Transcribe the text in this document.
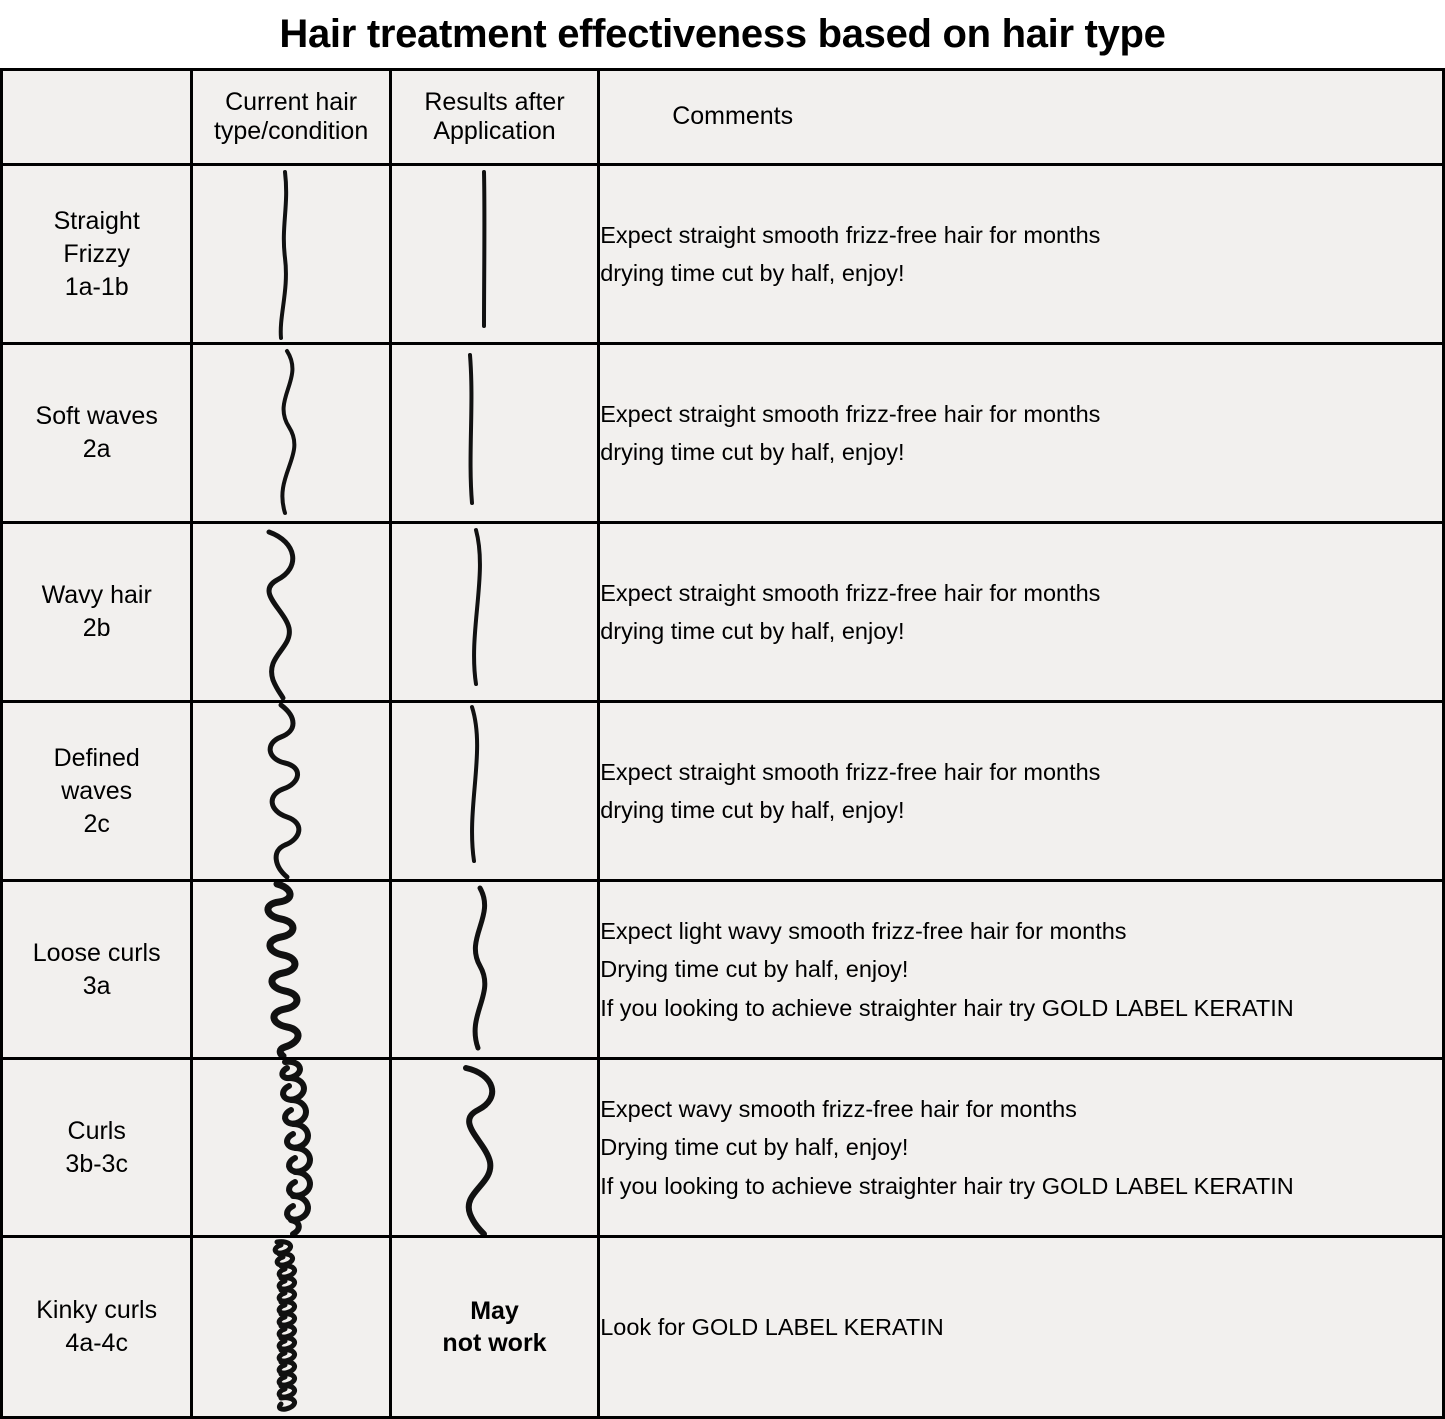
Hair treatment effectiveness based on hair type

	Current hair
type/condition	Results after
Application	Comments

Straight
Frizzy
1a-1b			Expect straight smooth frizz-free hair for months
drying time cut by half, enjoy!

Soft waves
2a			Expect straight smooth frizz-free hair for months
drying time cut by half, enjoy!

Wavy hair
2b			Expect straight smooth frizz-free hair for months
drying time cut by half, enjoy!

Defined
waves
2c			Expect straight smooth frizz-free hair for months
drying time cut by half, enjoy!

Loose curls
3a			Expect light wavy smooth frizz-free hair for months
Drying time cut by half, enjoy!
If you looking to achieve straighter hair try GOLD LABEL KERATIN

Curls
3b-3c			Expect wavy smooth frizz-free hair for months
Drying time cut by half, enjoy!
If you looking to achieve straighter hair try GOLD LABEL KERATIN

Kinky curls
4a-4c		May
not work	Look for GOLD LABEL KERATIN
